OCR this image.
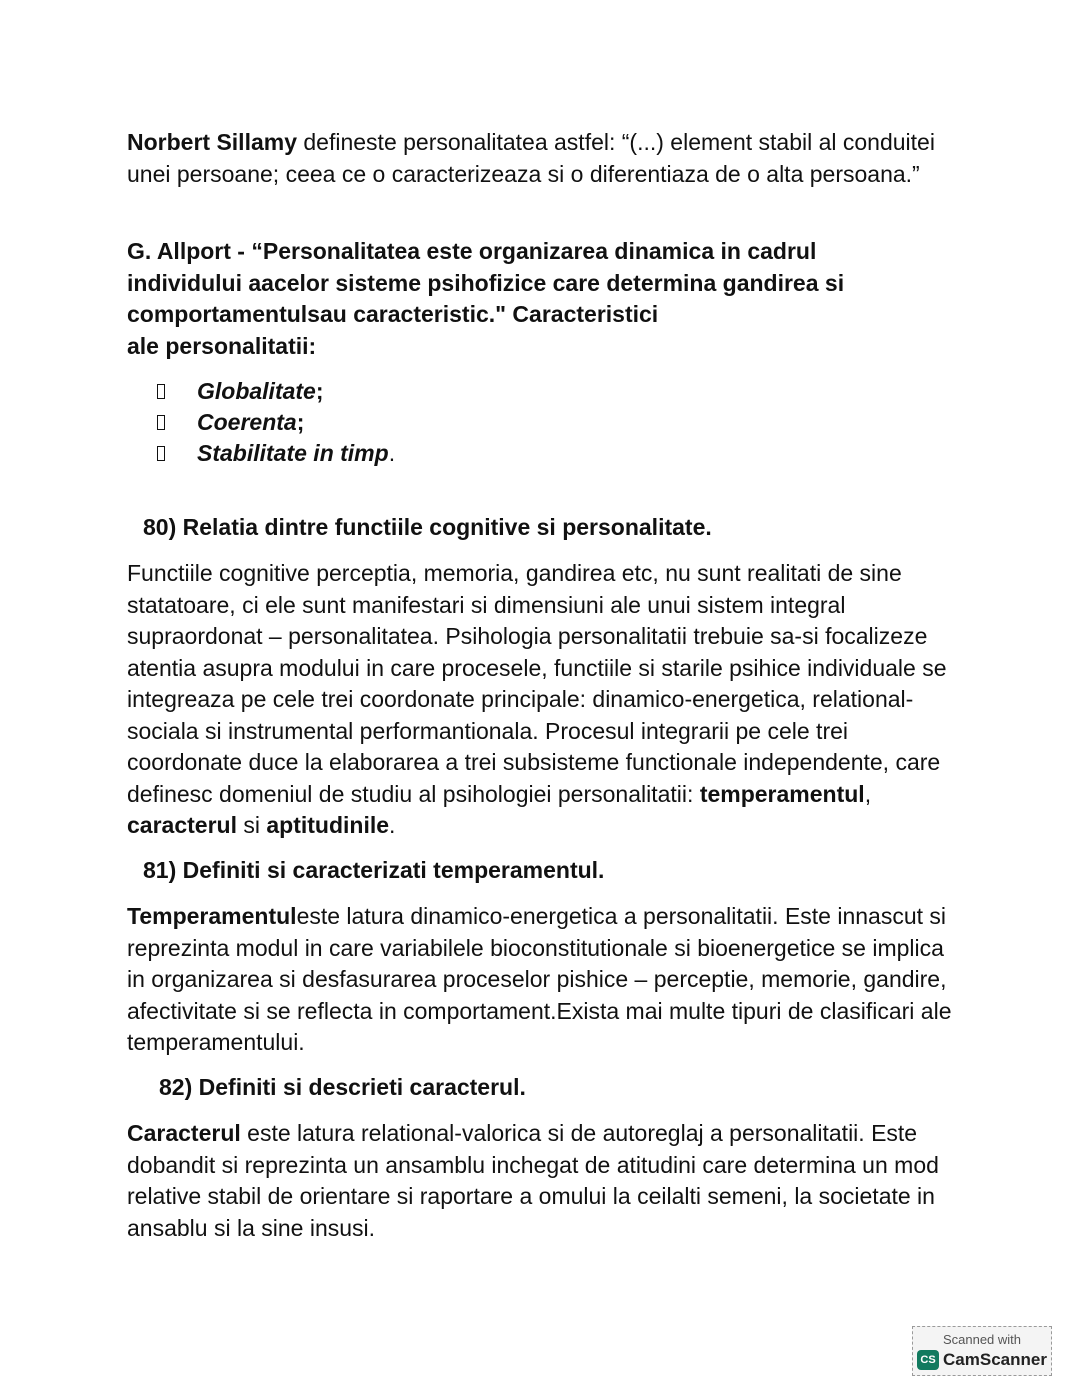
Norbert Sillamy defineste personalitatea astfel: “(...) element stabil al conduitei unei persoane; ceea ce o caracterizeaza si o diferentiaza de o alta persoana.”
G. Allport - “Personalitatea este organizarea dinamica in cadrul
individului aacelor sisteme psihofizice care determina gandirea si
comportamentulsau caracteristic." Caracteristici
ale personalitatii:
Globalitate ;
Coerenta ;
Stabilitate in timp .
80) Relatia dintre functiile cognitive si personalitate.
Functiile cognitive perceptia, memoria, gandirea etc, nu sunt realitati de sine statatoare, ci ele sunt manifestari si dimensiuni ale unui sistem integral supraordonat – personalitatea. Psihologia personalitatii trebuie sa-si focalizeze atentia asupra modului in care procesele, functiile si starile psihice individuale se integreaza pe cele trei coordonate principale: dinamico-energetica, relational-sociala si instrumental performantionala. Procesul integrarii pe cele trei coordonate duce la elaborarea a trei subsisteme functionale independente, care definesc domeniul de studiu al psihologiei personalitatii: temperamentul, caracterul si aptitudinile.
81) Definiti si caracterizati temperamentul.
Temperamentuleste latura dinamico-energetica a personalitatii. Este innascut si reprezinta modul in care variabilele bioconstitutionale si bioenergetice se implica in organizarea si desfasurarea proceselor pishice – perceptie, memorie, gandire, afectivitate si se reflecta in comportament.Exista mai multe tipuri de clasificari ale temperamentului.
82) Definiti si descrieti caracterul.
Caracterul este latura relational-valorica si de autoreglaj a personalitatii. Este dobandit si reprezinta un ansamblu inchegat de atitudini care determina un mod relative stabil de orientare si raportare a omului la ceilalti semeni, la societate in ansablu si la sine insusi.
Scanned with
CS CamScanner
